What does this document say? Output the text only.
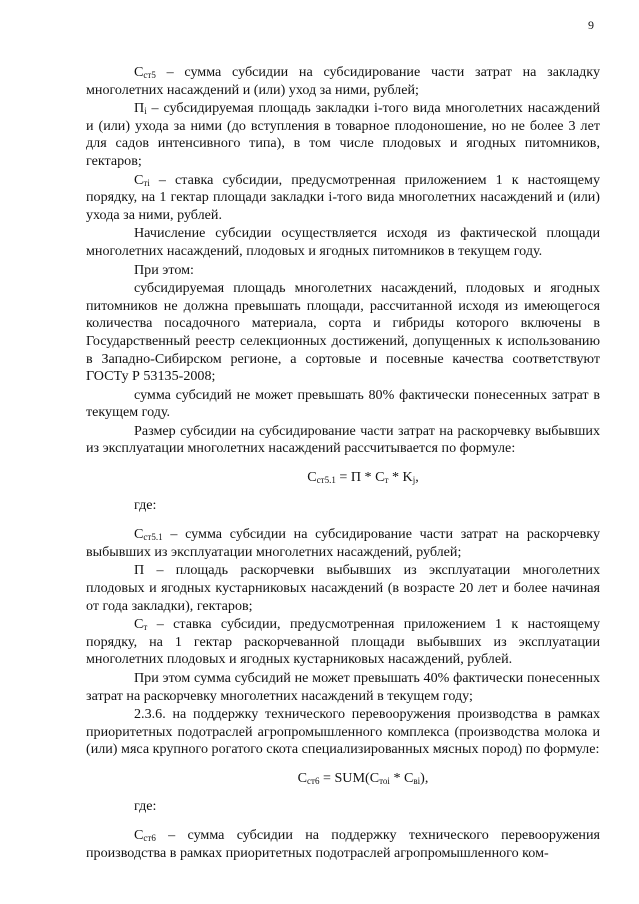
9

$С_{ст5}$ – сумма субсидии на субсидирование части затрат на закладку многолетних насаждений и (или) уход за ними, рублей;

$П_i$ – субсидируемая площадь закладки i-того вида многолетних насаждений и (или) ухода за ними (до вступления в товарное плодоношение, но не более 3 лет для садов интенсивного типа), в том числе плодовых и ягодных питомников, гектаров;

$С_{тi}$ – ставка субсидии, предусмотренная приложением 1 к настоящему порядку, на 1 гектар площади закладки i-того вида многолетних насаждений и (или) ухода за ними, рублей.

Начисление субсидии осуществляется исходя из фактической площади многолетних насаждений, плодовых и ягодных питомников в текущем году.

При этом:

субсидируемая площадь многолетних насаждений, плодовых и ягодных питомников не должна превышать площади, рассчитанной исходя из имеющегося количества посадочного материала, сорта и гибриды которого включены в Государственный реестр селекционных достижений, допущенных к использованию в Западно-Сибирском регионе, а сортовые и посевные качества соответствуют ГОСТу Р 53135-2008;

сумма субсидий не может превышать 80% фактически понесенных затрат в текущем году.

Размер субсидии на субсидирование части затрат на раскорчевку выбывших из эксплуатации многолетних насаждений рассчитывается по формуле:

$С_{ст5.1} = П * С_т * K_j$,

где:

$С_{ст5.1}$ – сумма субсидии на субсидирование части затрат на раскорчевку выбывших из эксплуатации многолетних насаждений, рублей;

П – площадь раскорчевки выбывших из эксплуатации многолетних плодовых и ягодных кустарниковых насаждений (в возрасте 20 лет и более начиная от года закладки), гектаров;

$С_т$ – ставка субсидии, предусмотренная приложением 1 к настоящему порядку, на 1 гектар раскорчеванной площади выбывших из эксплуатации многолетних плодовых и ягодных кустарниковых насаждений, рублей.

При этом сумма субсидий не может превышать 40% фактически понесенных затрат на раскорчевку многолетних насаждений в текущем году;

2.3.6. на поддержку технического перевооружения производства в рамках приоритетных подотраслей агропромышленного комплекса (производства молока и (или) мяса крупного рогатого скота специализированных мясных пород) по формуле:

$С_{ст6} = SUM(С_{тоi} * С_{вi})$,

где:

$С_{ст6}$ – сумма субсидии на поддержку технического перевооружения производства в рамках приоритетных подотраслей агропромышленного ком-
